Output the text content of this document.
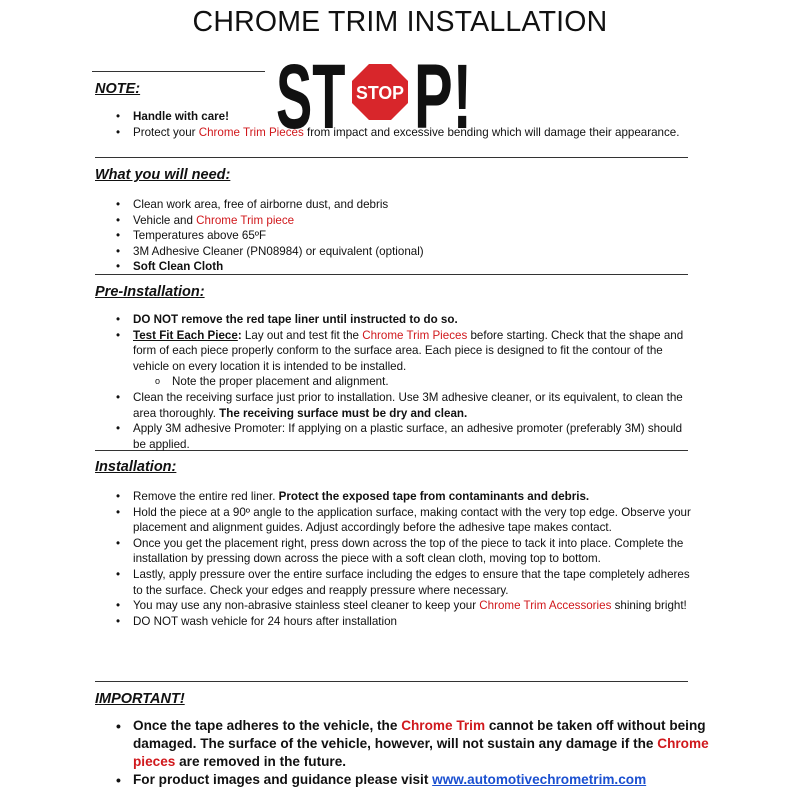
CHROME TRIM INSTALLATION
ST STOP P!
NOTE:
• Handle with care!
• Protect your Chrome Trim Pieces from impact and excessive bending which will damage their appearance.
What you will need:
• Clean work area, free of airborne dust, and debris
• Vehicle and Chrome Trim piece
• Temperatures above 65ºF
• 3M Adhesive Cleaner (PN08984) or equivalent (optional)
• Soft Clean Cloth
Pre-Installation:
• DO NOT remove the red tape liner until instructed to do so.
• Test Fit Each Piece: Lay out and test fit the Chrome Trim Pieces before starting. Check that the shape and form of each piece properly conform to the surface area. Each piece is designed to fit the contour of the vehicle on every location it is intended to be installed.
o Note the proper placement and alignment.
• Clean the receiving surface just prior to installation. Use 3M adhesive cleaner, or its equivalent, to clean the area thoroughly. The receiving surface must be dry and clean.
• Apply 3M adhesive Promoter: If applying on a plastic surface, an adhesive promoter (preferably 3M) should be applied.
Installation:
• Remove the entire red liner. Protect the exposed tape from contaminants and debris.
• Hold the piece at a 90º angle to the application surface, making contact with the very top edge. Observe your placement and alignment guides. Adjust accordingly before the adhesive tape makes contact.
• Once you get the placement right, press down across the top of the piece to tack it into place. Complete the installation by pressing down across the piece with a soft clean cloth, moving top to bottom.
• Lastly, apply pressure over the entire surface including the edges to ensure that the tape completely adheres to the surface. Check your edges and reapply pressure where necessary.
• You may use any non-abrasive stainless steel cleaner to keep your Chrome Trim Accessories shining bright!
• DO NOT wash vehicle for 24 hours after installation
IMPORTANT!
• Once the tape adheres to the vehicle, the Chrome Trim cannot be taken off without being damaged. The surface of the vehicle, however, will not sustain any damage if the Chrome pieces are removed in the future.
• For product images and guidance please visit www.automotivechrometrim.com
